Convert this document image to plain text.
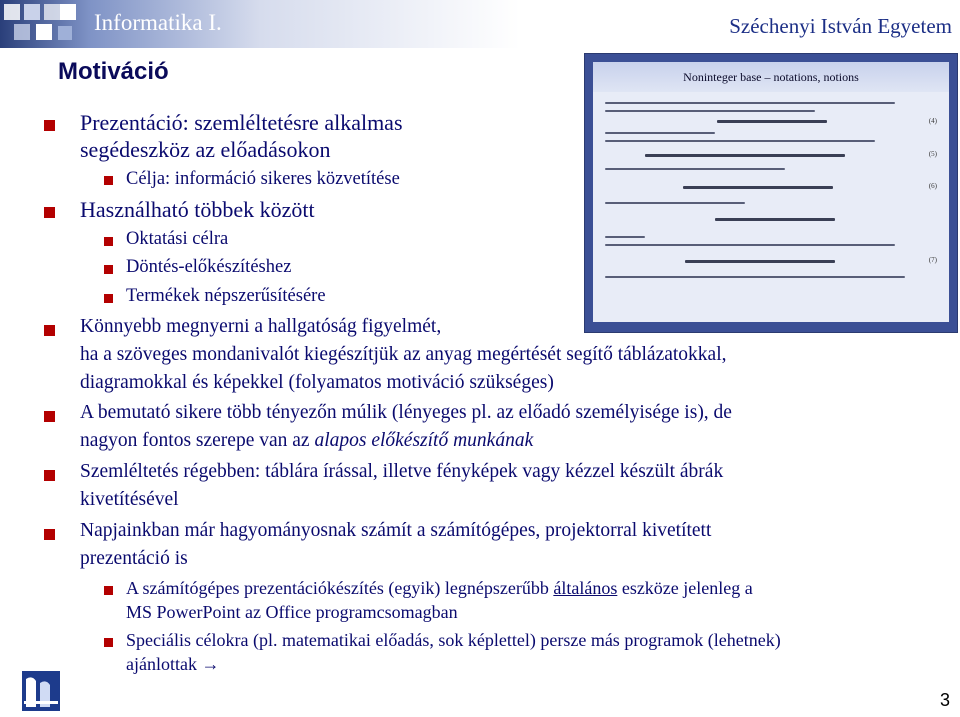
Informatika I.	Széchenyi István Egyetem
Motiváció	Noninteger base – notations, notions
(4)
(5)
(6)
(7)
Prezentáció: szemléltetésre alkalmas
segédeszköz az előadásokon
Célja: információ sikeres közvetítése
Használható többek között
Oktatási célra
Döntés-előkészítéshez
Termékek népszerűsítésére
Könnyebb megnyerni a hallgatóság figyelmét,
ha a szöveges mondanivalót kiegészítjük az anyag megértését segítő táblázatokkal,
diagramokkal és képekkel (folyamatos motiváció szükséges)
A bemutató sikere több tényezőn múlik (lényeges pl. az előadó személyisége is), de
nagyon fontos szerepe van az alapos előkészítő munkának
Szemléltetés régebben: táblára írással, illetve fényképek vagy kézzel készült ábrák
kivetítésével
Napjainkban már hagyományosnak számít a számítógépes, projektorral kivetített
prezentáció is
A számítógépes prezentációkészítés (egyik) legnépszerűbb általános eszköze jelenleg a
MS PowerPoint az Office programcsomagban
Speciális célokra (pl. matematikai előadás, sok képlettel) persze más programok (lehetnek)
ajánlottak →
3
